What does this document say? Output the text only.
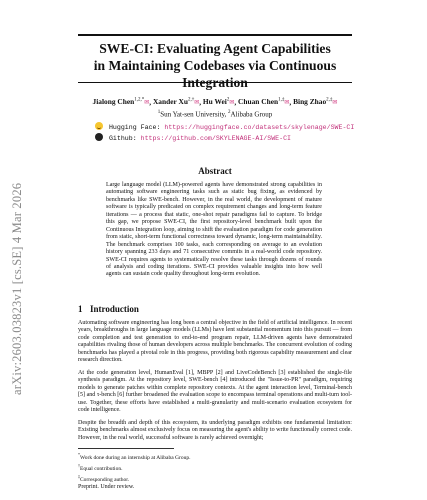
arXiv:2603.03823v1 [cs.SE] 4 Mar 2026
SWE-CI: Evaluating Agent Capabilities
in Maintaining Codebases via Continuous Integration
Jialong Chen$^{1,2,*}$✉, Xander $Xu^{2,\dagger}✉$, Hu Wei$^2$✉, Chuan Chen$^{1,\ddagger}$✉, Bing Zhao$^{2,\ddagger}$✉
$^1$Sun Yat-sen University, $^2$Alibaba Group
Hugging Face: https://huggingface.co/datasets/skylenage/SWE-CI
Github: https://github.com/SKYLENAGE-AI/SWE-CI
Abstract
Large language model (LLM)-powered agents have demonstrated strong capabilities in automating software engineering tasks such as static bug fixing, as evidenced by benchmarks like SWE-bench. However, in the real world, the development of mature software is typically predicated on complex requirement changes and long-term feature iterations — a process that static, one-shot repair paradigms fail to capture. To bridge this gap, we propose SWE-CI, the first repository-level benchmark built upon the Continuous Integration loop, aiming to shift the evaluation paradigm for code generation from static, short-term functional correctness toward dynamic, long-term maintainability. The benchmark comprises 100 tasks, each corresponding on average to an evolution history spanning 233 days and 71 consecutive commits in a real-world code repository. SWE-CI requires agents to systematically resolve these tasks through dozens of rounds of analysis and coding iterations. SWE-CI provides valuable insights into how well agents can sustain code quality throughout long-term evolution.
1 Introduction
Automating software engineering has long been a central objective in the field of artificial intelligence. In recent years, breakthroughs in large language models (LLMs) have lent substantial momentum into this pursuit — from code completion and test generation to end-to-end program repair, LLM-driven agents have demonstrated capabilities rivaling those of human developers across multiple benchmarks. The concurrent evolution of coding benchmarks has played a pivotal role in this progress, providing both rigorous capability measurement and clear research direction.
At the code generation level, HumanEval [1], MBPP [2] and LiveCodeBench [3] established the single-file synthesis paradigm. At the repository level, SWE-bench [4] introduced the "Issue-to-PR" paradigm, requiring models to generate patches within complete repository contexts. At the agent interaction level, Terminal-bench [5] and τ-bench [6] further broadened the evaluation scope to encompass terminal operations and multi-turn tool-use. Together, these efforts have established a multi-granularity and multi-scenario evaluation ecosystem for code intelligence.
Despite the breadth and depth of this ecosystem, its underlying paradigm exhibits one fundamental limitation: Existing benchmarks almost exclusively focus on measuring the agent's ability to write functionally correct code. However, in the real world, successful software is rarely achieved overnight;
*Work done during an internship at Alibaba Group.
†Equal contribution.
‡Corresponding author.
Preprint. Under review.
